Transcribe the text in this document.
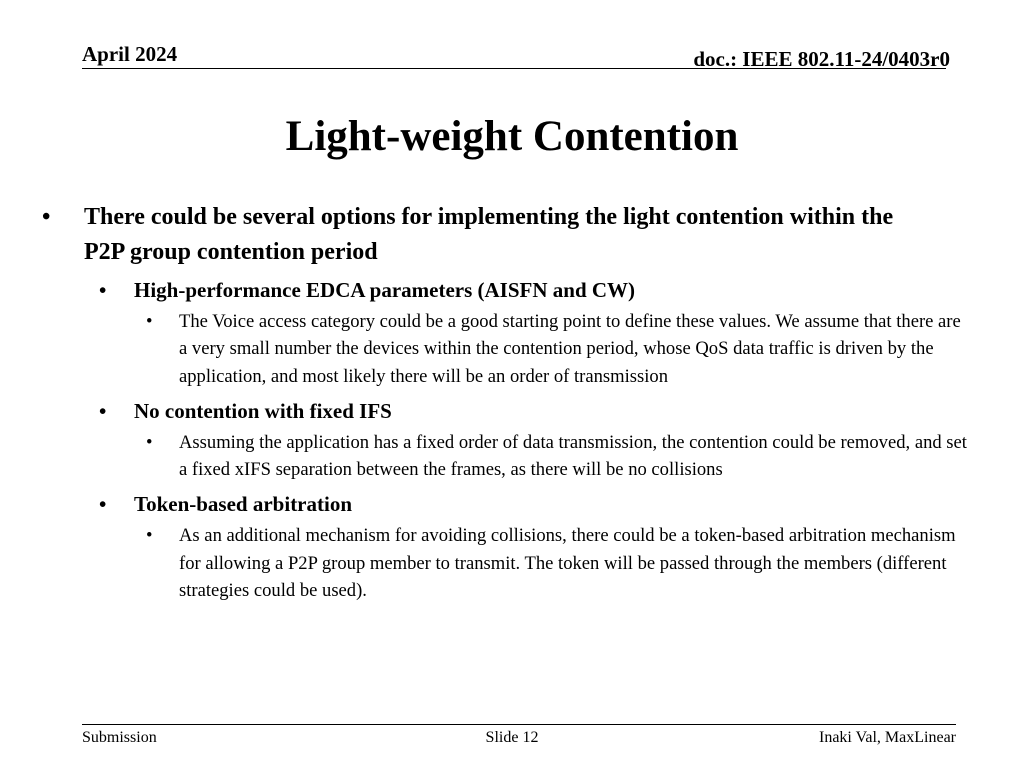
April 2024	doc.: IEEE 802.11-24/0403r0
Light-weight Contention
• There could be several options for implementing the light contention within the P2P group contention period
• High-performance EDCA parameters (AISFN and CW)
• The Voice access category could be a good starting point to define these values. We assume that there are a very small number the devices within the contention period, whose QoS data traffic is driven by the application, and most likely there will be an order of transmission
• No contention with fixed IFS
• Assuming the application has a fixed order of data transmission, the contention could be removed, and set a fixed xIFS separation between the frames, as there will be no collisions
• Token-based arbitration
• As an additional mechanism for avoiding collisions, there could be a token-based arbitration mechanism for allowing a P2P group member to transmit. The token will be passed through the members (different strategies could be used).
Submission	Slide 12	Inaki Val, MaxLinear
